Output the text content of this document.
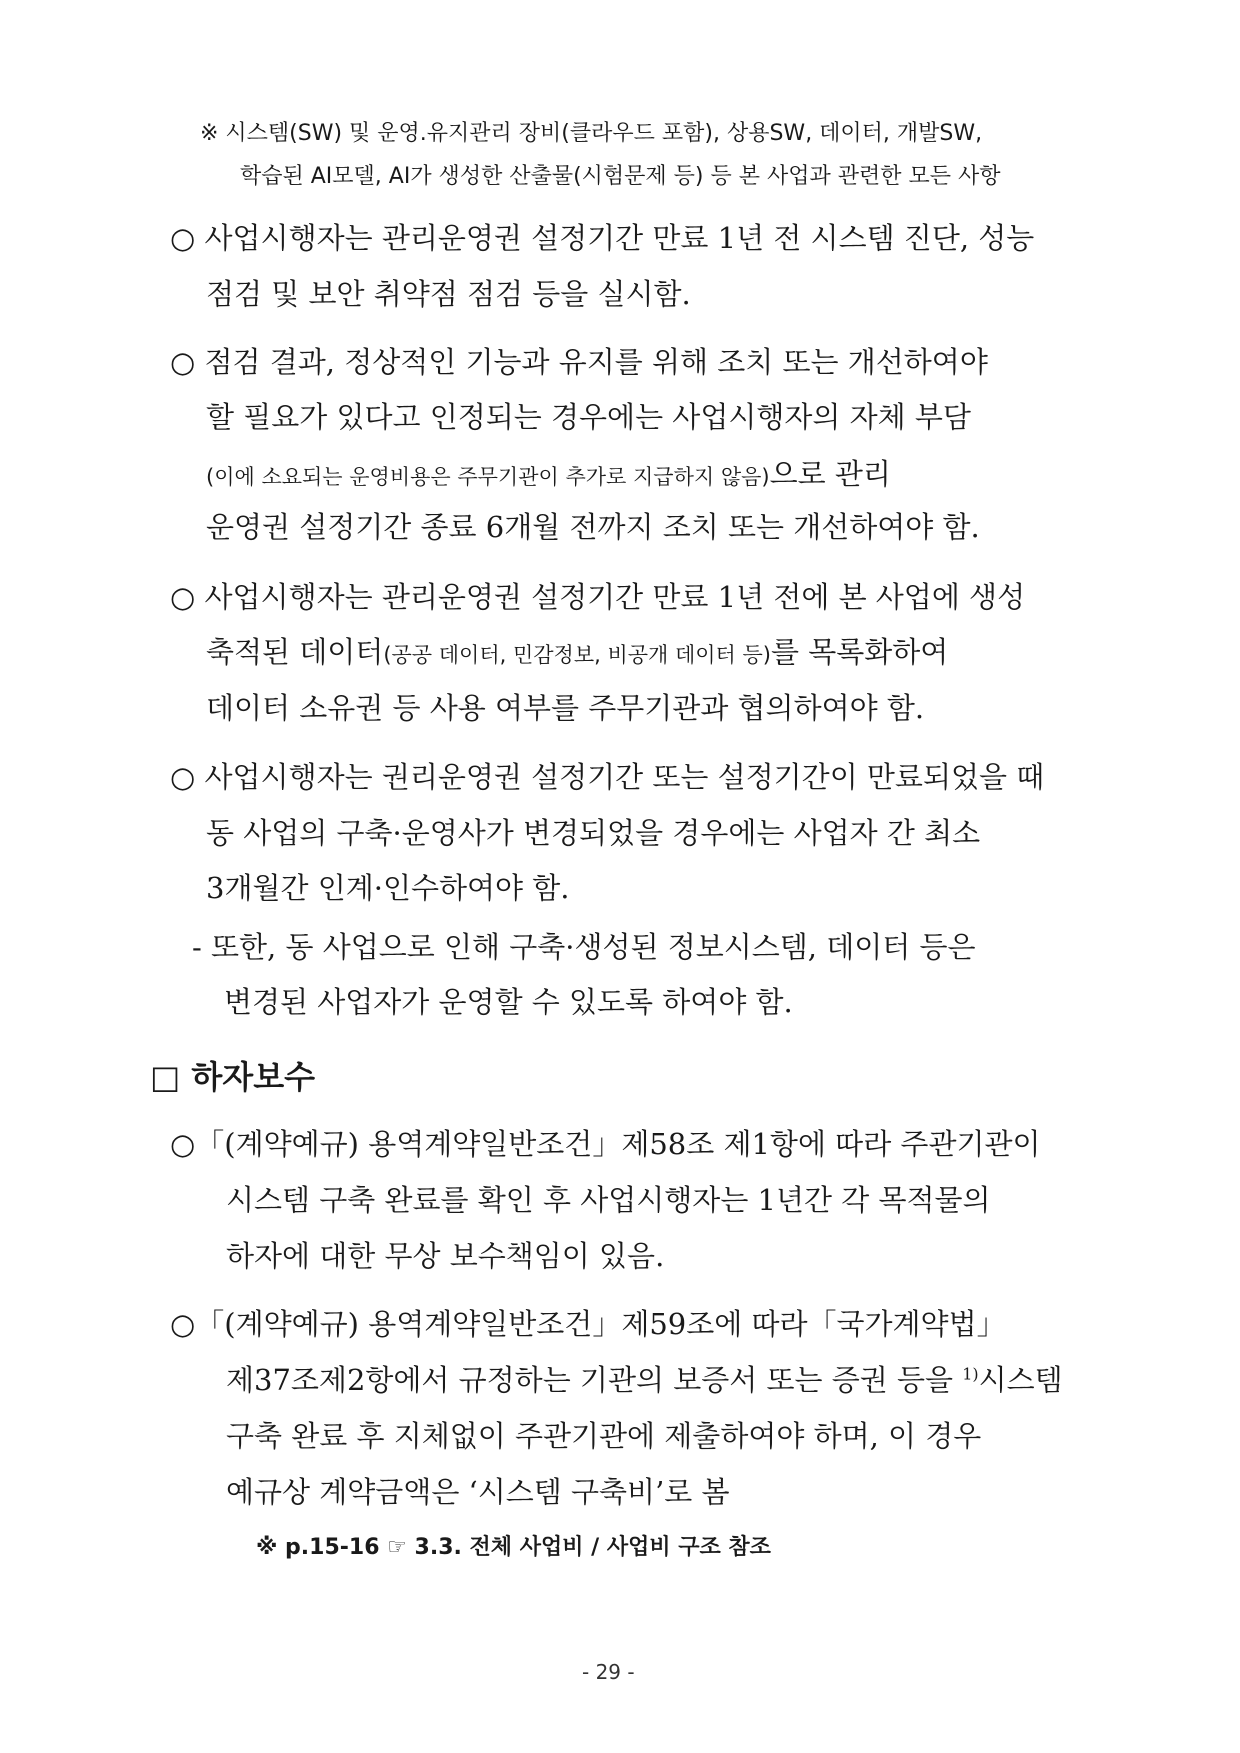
※ 시스템(SW) 및 운영.유지관리 장비(클라우드 포함), 상용SW, 데이터, 개발SW,
학습된 AI모델, AI가 생성한 산출물(시험문제 등) 등 본 사업과 관련한 모든 사항
○ 사업시행자는 관리운영권 설정기간 만료 1년 전 시스템 진단, 성능
점검 및 보안 취약점 점검 등을 실시함.
○ 점검 결과, 정상적인 기능과 유지를 위해 조치 또는 개선하여야
할 필요가 있다고 인정되는 경우에는 사업시행자의 자체 부담
(이에 소요되는 운영비용은 주무기관이 추가로 지급하지 않음)으로 관리
운영권 설정기간 종료 6개월 전까지 조치 또는 개선하여야 함.
○ 사업시행자는 관리운영권 설정기간 만료 1년 전에 본 사업에 생성
축적된 데이터(공공 데이터, 민감정보, 비공개 데이터 등)를 목록화하여
데이터 소유권 등 사용 여부를 주무기관과 협의하여야 함.
○ 사업시행자는 권리운영권 설정기간 또는 설정기간이 만료되었을 때
동 사업의 구축·운영사가 변경되었을 경우에는 사업자 간 최소
3개월간 인계·인수하여야 함.
- 또한, 동 사업으로 인해 구축·생성된 정보시스템, 데이터 등은
변경된 사업자가 운영할 수 있도록 하여야 함.
□ 하자보수
○「(계약예규) 용역계약일반조건」제58조 제1항에 따라 주관기관이
시스템 구축 완료를 확인 후 사업시행자는 1년간 각 목적물의
하자에 대한 무상 보수책임이 있음.
○「(계약예규) 용역계약일반조건」제59조에 따라「국가계약법」
제37조제2항에서 규정하는 기관의 보증서 또는 증권 등을 $^{1)}$시스템
구축 완료 후 지체없이 주관기관에 제출하여야 하며, 이 경우
예규상 계약금액은 ‘시스템 구축비’로 봄
※ p.15-16 ☞ 3.3. 전체 사업비 / 사업비 구조 참조
- 29 -
